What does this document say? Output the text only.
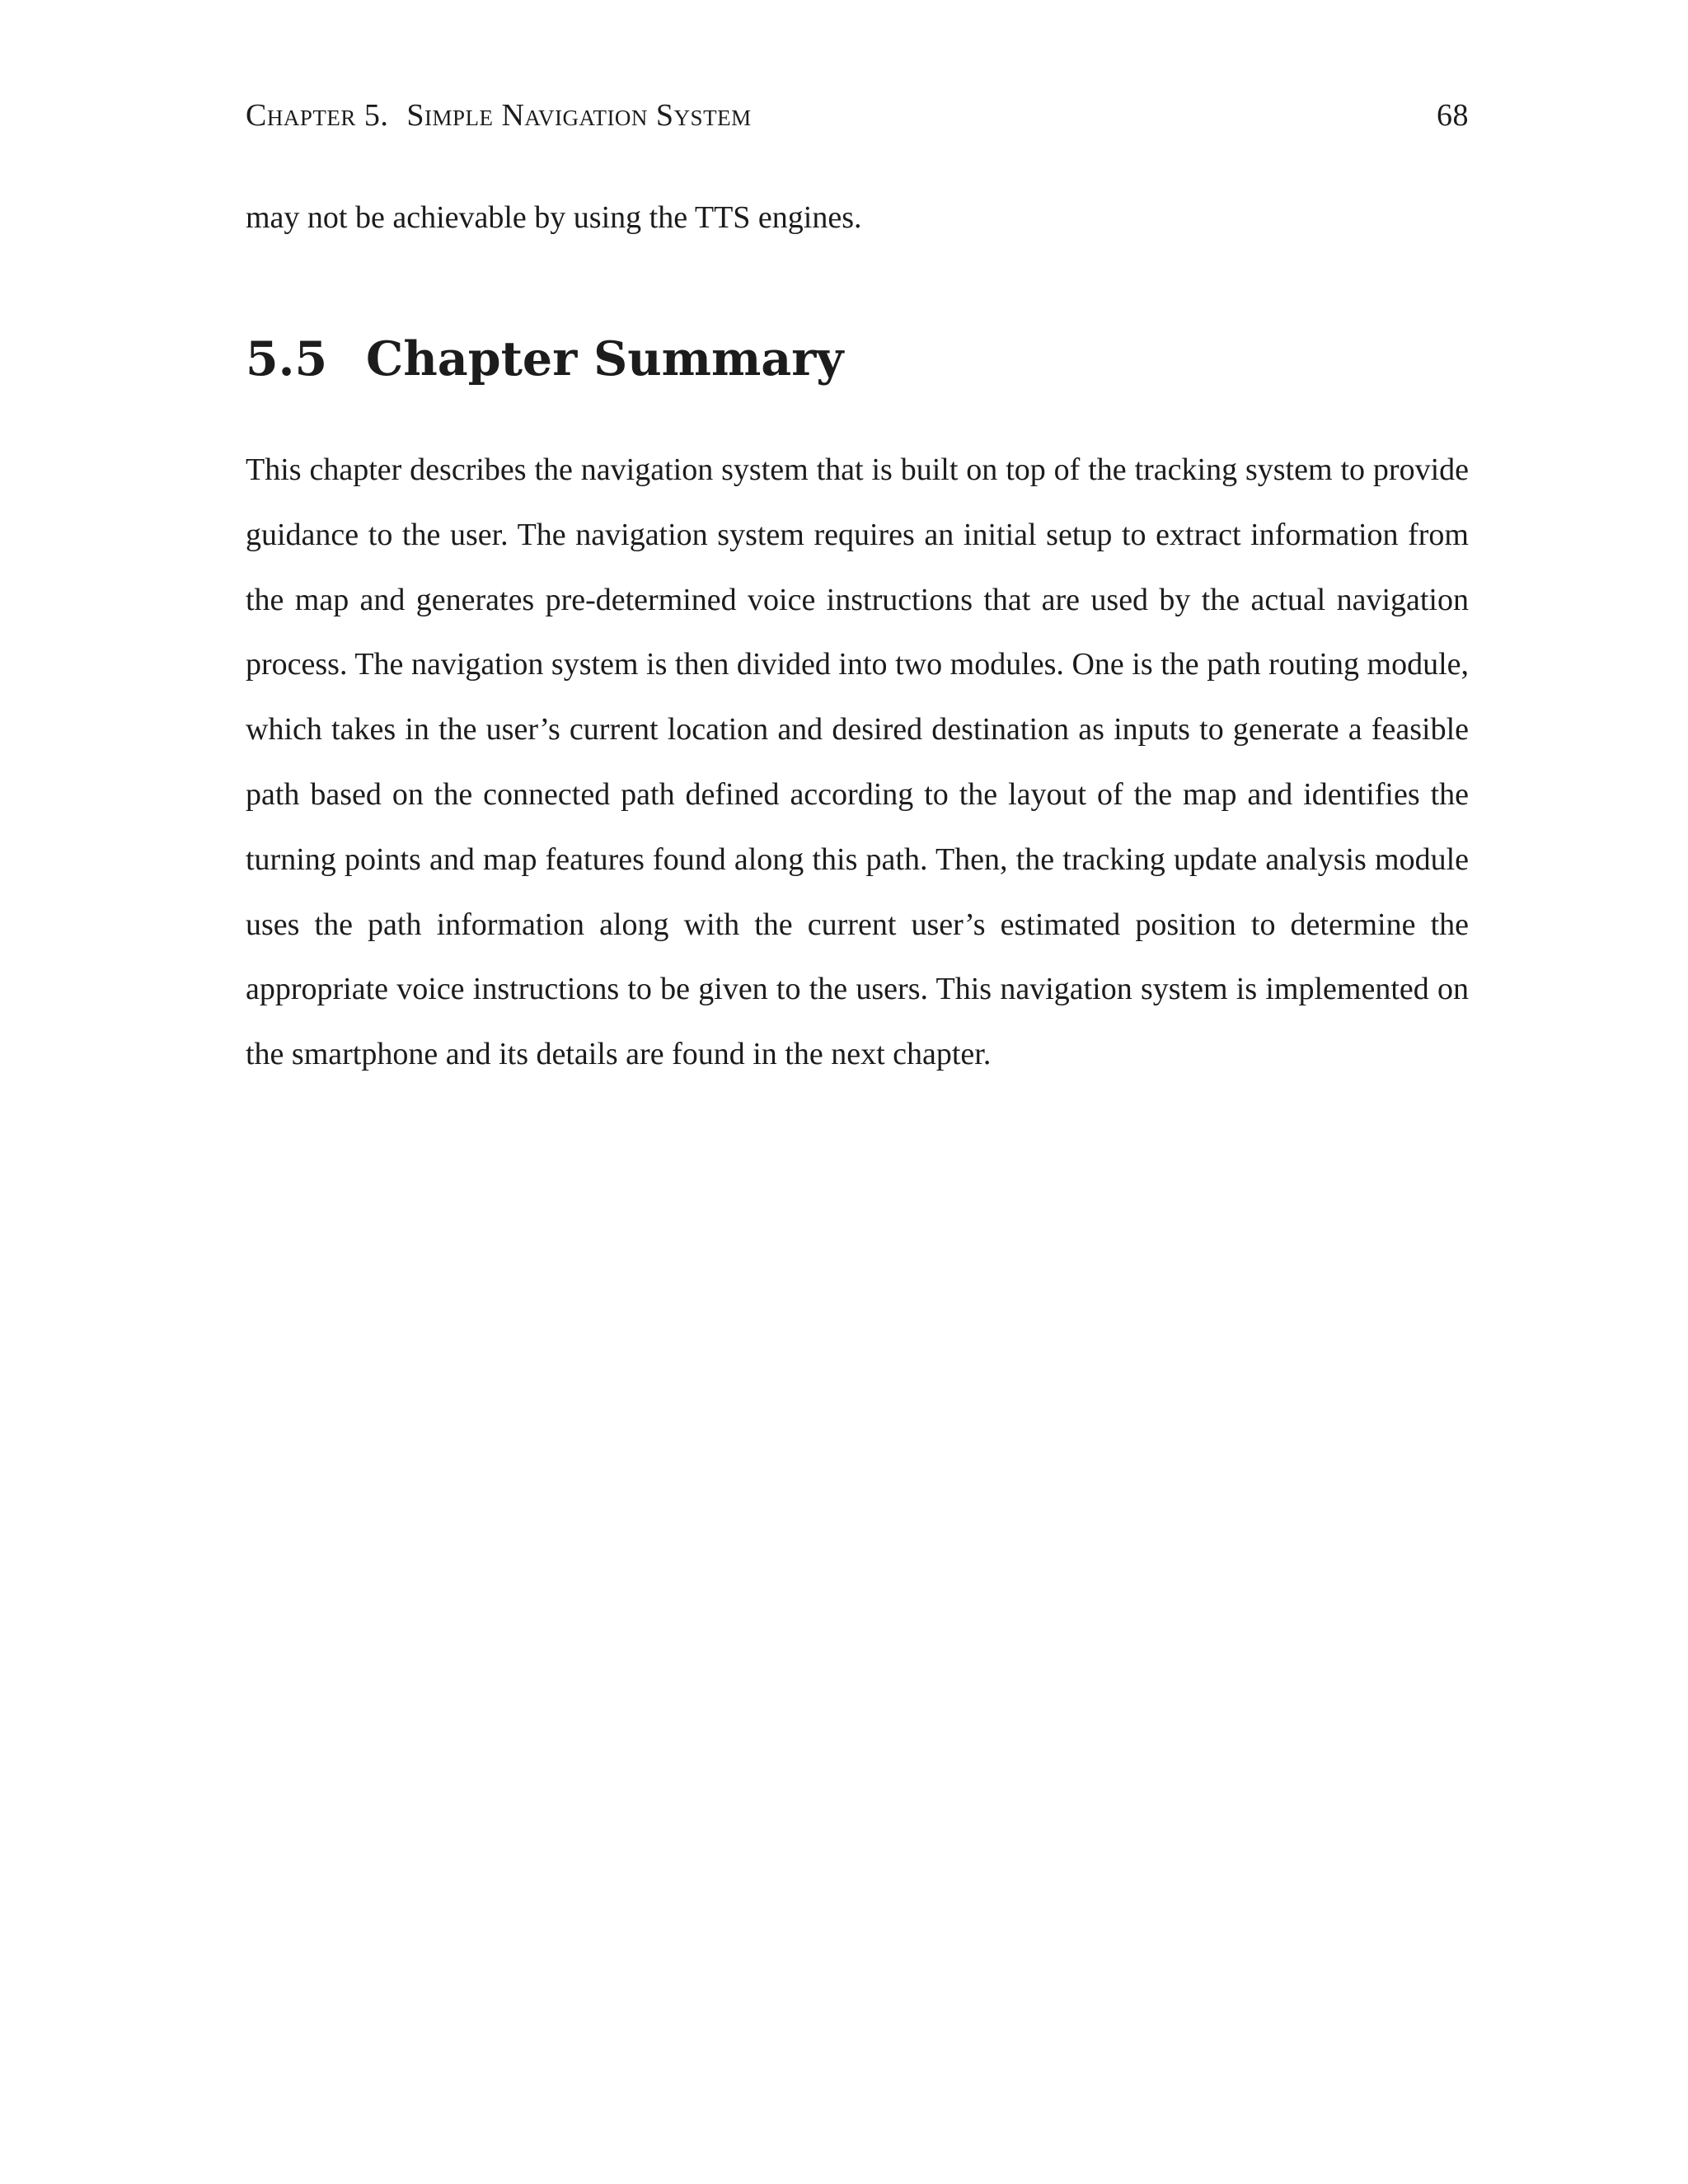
Chapter 5. Simple Navigation System	68

may not be achievable by using the TTS engines.

5.5 Chapter Summary

This chapter describes the navigation system that is built on top of the tracking system to provide guidance to the user. The navigation system requires an initial setup to extract information from the map and generates pre-determined voice instructions that are used by the actual navigation process. The navigation system is then divided into two modules. One is the path routing module, which takes in the user’s current location and desired destination as inputs to generate a feasible path based on the connected path defined according to the layout of the map and identifies the turning points and map features found along this path. Then, the tracking update analysis module uses the path information along with the current user’s estimated position to determine the appropriate voice instructions to be given to the users. This navigation system is implemented on the smartphone and its details are found in the next chapter.
